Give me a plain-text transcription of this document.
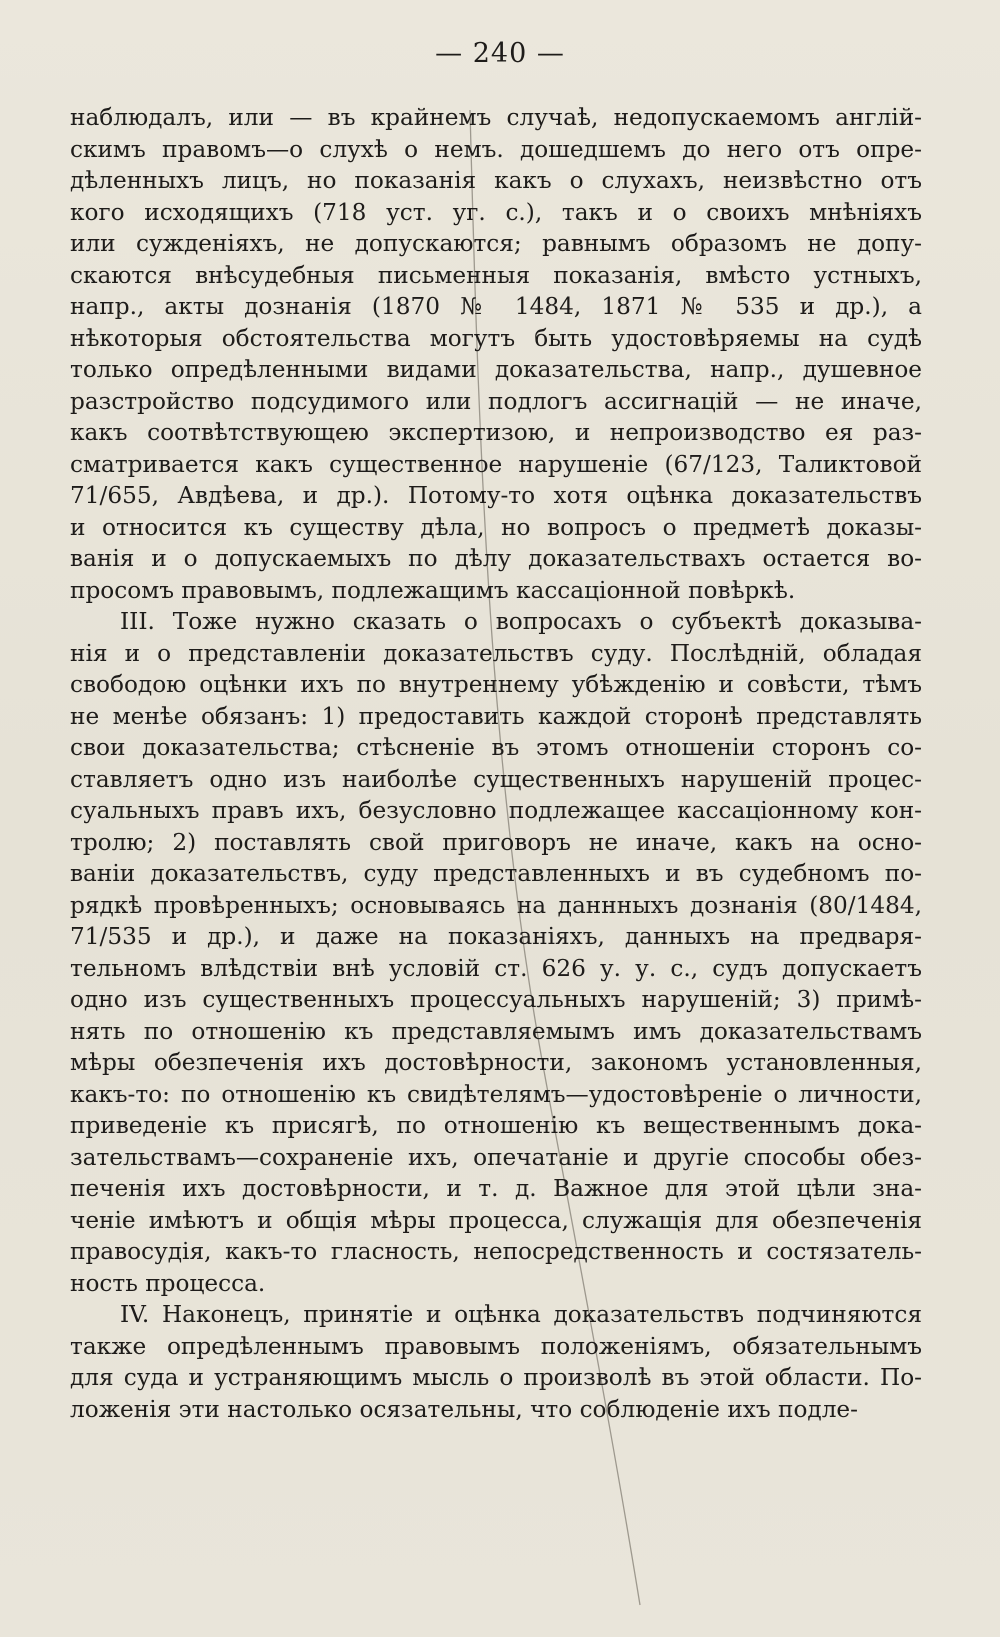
— 240 —
наблюдалъ, или — въ крайнемъ случаѣ, недопускаемомъ англій-
скимъ правомъ—о слухѣ о немъ. дошедшемъ до него отъ опре-
дѣленныхъ лицъ, но показанія какъ о слухахъ, неизвѣстно отъ
кого исходящихъ (718 уст. уг. с.), такъ и о своихъ мнѣніяхъ
или сужденіяхъ, не допускаются; равнымъ образомъ не допу-
скаются внѣсудебныя письменныя показанія, вмѣсто устныхъ,
напр., акты дознанія (1870 № 1484, 1871 № 535 и др.), а
нѣкоторыя обстоятельства могутъ быть удостовѣряемы на судѣ
только опредѣленными видами доказательства, напр., душевное
разстройство подсудимого или подлогъ ассигнацій — не иначе,
какъ соотвѣтствующею экспертизою, и непроизводство ея раз-
сматривается какъ существенное нарушеніе (67/123, Таликтовой
71/655, Авдѣева, и др.). Потому-то хотя оцѣнка доказательствъ
и относится къ существу дѣла, но вопросъ о предметѣ доказы-
ванія и о допускаемыхъ по дѣлу доказательствахъ остается во-
просомъ правовымъ, подлежащимъ кассаціонной повѣркѣ.
III. Тоже нужно сказать о вопросахъ о субъектѣ доказыва-
нія и о представленіи доказательствъ суду. Послѣдній, обладая
свободою оцѣнки ихъ по внутреннему убѣжденію и совѣсти, тѣмъ
не менѣе обязанъ: 1) предоставить каждой сторонѣ представлять
свои доказательства; стѣсненіе въ этомъ отношеніи сторонъ со-
ставляетъ одно изъ наиболѣе существенныхъ нарушеній процес-
суальныхъ правъ ихъ, безусловно подлежащее кассаціонному кон-
тролю; 2) поставлять свой приговоръ не иначе, какъ на осно-
ваніи доказательствъ, суду представленныхъ и въ судебномъ по-
рядкѣ провѣренныхъ; основываясь на даннныхъ дознанія (80/1484,
71/535 и др.), и даже на показаніяхъ, данныхъ на предваря-
тельномъ влѣдствіи внѣ условій ст. 626 у. у. с., судъ допускаетъ
одно изъ существенныхъ процессуальныхъ нарушеній; 3) примѣ-
нять по отношенію къ представляемымъ имъ доказательствамъ
мѣры обезпеченія ихъ достовѣрности, закономъ установленныя,
какъ-то: по отношенію къ свидѣтелямъ—удостовѣреніе о личности,
приведеніе къ присягѣ, по отношенію къ вещественнымъ дока-
зательствамъ—сохраненіе ихъ, опечатаніе и другіе способы обез-
печенія ихъ достовѣрности, и т. д. Важное для этой цѣли зна-
ченіе имѣютъ и общія мѣры процесса, служащія для обезпеченія
правосудія, какъ-то гласность, непосредственность и состязатель-
ность процесса.
IV. Наконецъ, принятіе и оцѣнка доказательствъ подчиняются
также опредѣленнымъ правовымъ положеніямъ, обязательнымъ
для суда и устраняющимъ мысль о произволѣ въ этой области. По-
ложенія эти настолько осязательны, что соблюденіе ихъ подле-
